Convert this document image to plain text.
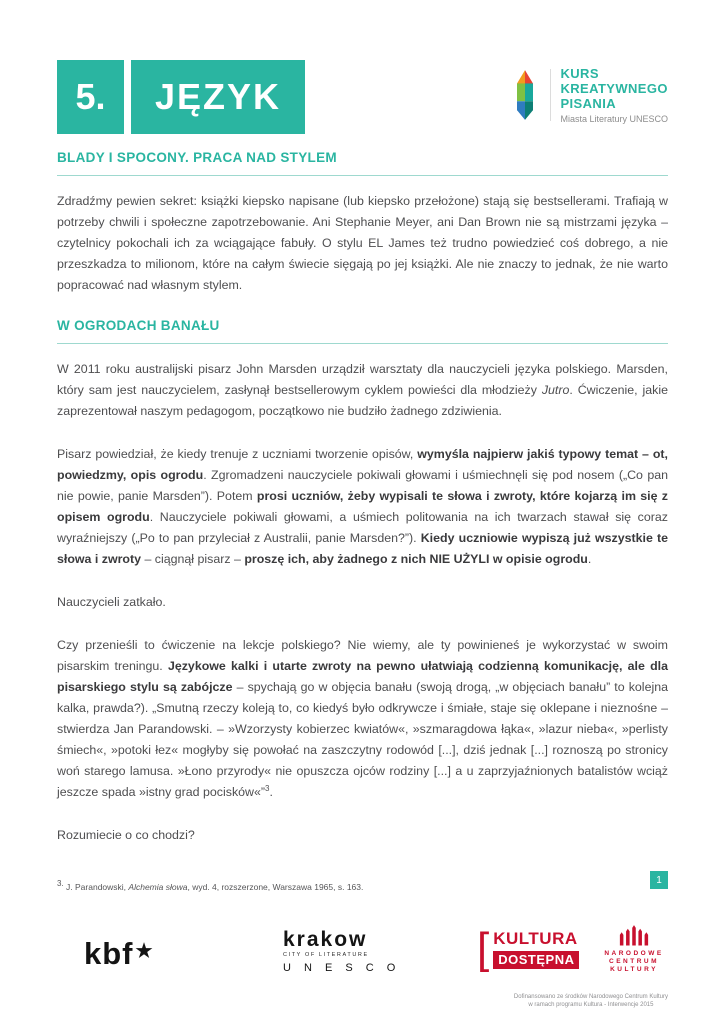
5.	JĘZYK
KURS
KREATYWNEGO
PISANIA
Miasta Literatury UNESCO
BLADY I SPOCONY. PRACA NAD STYLEM

Zdradźmy pewien sekret: książki kiepsko napisane (lub kiepsko przełożone) stają się bestsellerami. Trafiają w potrzeby chwili i społeczne zapotrzebowanie. Ani Stephanie Meyer, ani Dan Brown nie są mistrzami języka – czytelnicy pokochali ich za wciągające fabuły. O stylu EL James też trudno powiedzieć coś dobrego, a nie przeszkadza to milionom, które na całym świecie sięgają po jej książki. Ale nie znaczy to jednak, że nie warto popracować nad własnym stylem.

W OGRODACH BANAŁU

W 2011 roku australijski pisarz John Marsden urządził warsztaty dla nauczycieli języka polskiego. Marsden, który sam jest nauczycielem, zasłynął bestsellerowym cyklem powieści dla młodzieży Jutro. Ćwiczenie, jakie zaprezentował naszym pedagogom, początkowo nie budziło żadnego zdziwienia.

Pisarz powiedział, że kiedy trenuje z uczniami tworzenie opisów, wymyśla najpierw jakiś typowy temat – ot, powiedzmy, opis ogrodu. Zgromadzeni nauczyciele pokiwali głowami i uśmiechnęli się pod nosem („Co pan nie powie, panie Marsden”). Potem prosi uczniów, żeby wypisali te słowa i zwroty, które kojarzą im się z opisem ogrodu. Nauczyciele pokiwali głowami, a uśmiech politowania na ich twarzach stawał się coraz wyraźniejszy („Po to pan przyleciał z Australii, panie Marsden?”). Kiedy uczniowie wypiszą już wszystkie te słowa i zwroty – ciągnął pisarz – proszę ich, aby żadnego z nich NIE UŻYLI w opisie ogrodu.

Nauczycieli zatkało.

Czy przenieśli to ćwiczenie na lekcje polskiego? Nie wiemy, ale ty powinieneś je wykorzystać w swoim pisarskim treningu. Językowe kalki i utarte zwroty na pewno ułatwiają codzienną komunikację, ale dla pisarskiego stylu są zabójcze – spychają go w objęcia banału (swoją drogą, „w objęciach banału” to kolejna kalka, prawda?). „Smutną rzeczy koleją to, co kiedyś było odkrywcze i śmiałe, staje się oklepane i nieznośne – stwierdza Jan Parandowski. – »Wzorzysty kobierzec kwiatów«, »szmaragdowa łąka«, »lazur nieba«, »perlisty śmiech«, »potoki łez« mogłyby się powołać na zaszczytny rodowód [...], dziś jednak [...] roznoszą po stronicy woń starego lamusa. »Łono przyrody« nie opuszcza ojców rodziny [...] a u zaprzyjaźnionych batalistów wciąż jeszcze spada »istny grad pocisków«”$^3$.

Rozumiecie o co chodzi?

$^{3.}$ J. Parandowski, Alchemia słowa, wyd. 4, rozszerzone, Warszawa 1965, s. 163.
1
kbf ★
krakow
CITY OF LITERATURE
U N E S C O [ KULTURA
DOSTĘPNA	NARODOWE
CENTRUM
KULTURY
Dofinansowano ze środków Narodowego Centrum Kultury
w ramach programu Kultura - Interwencje 2015
